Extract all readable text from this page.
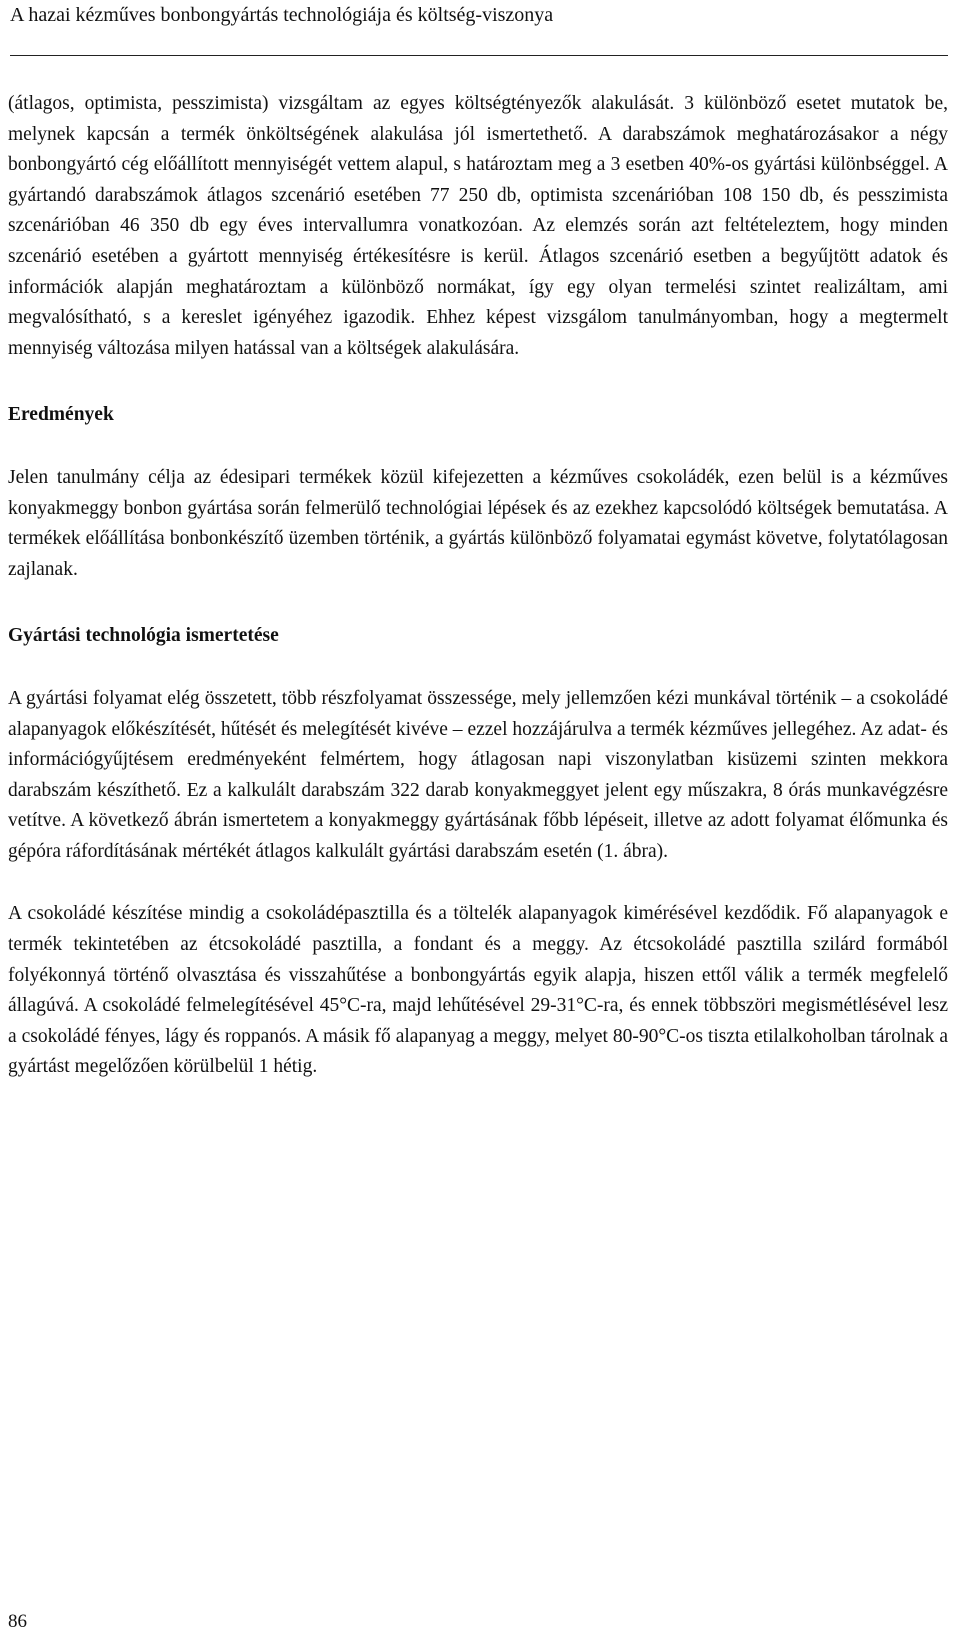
A hazai kézműves bonbongyártás technológiája és költség-viszonya

(átlagos, optimista, pesszimista) vizsgáltam az egyes költségtényezők alakulását. 3 különböző esetet mutatok be, melynek kapcsán a termék önköltségének alakulása jól ismertethető. A darabszámok meghatározásakor a négy bonbongyártó cég előállított mennyiségét vettem alapul, s határoztam meg a 3 esetben 40%-os gyártási különbséggel. A gyártandó darabszámok átlagos szcenárió esetében 77 250 db, optimista szcenárióban 108 150 db, és pesszimista szcenárióban 46 350 db egy éves intervallumra vonatkozóan. Az elemzés során azt feltételeztem, hogy minden szcenárió esetében a gyártott mennyiség értékesítésre is kerül. Átlagos szcenárió esetben a begyűjtött adatok és információk alapján meghatároztam a különböző normákat, így egy olyan termelési szintet realizáltam, ami megvalósítható, s a kereslet igényéhez igazodik. Ehhez képest vizsgálom tanulmányomban, hogy a megtermelt mennyiség változása milyen hatással van a költségek alakulására.

Eredmények

Jelen tanulmány célja az édesipari termékek közül kifejezetten a kézműves csokoládék, ezen belül is a kézműves konyakmeggy bonbon gyártása során felmerülő technológiai lépések és az ezekhez kapcsolódó költségek bemutatása. A termékek előállítása bonbonkészítő üzemben történik, a gyártás különböző folyamatai egymást követve, folytatólagosan zajlanak.

Gyártási technológia ismertetése

A gyártási folyamat elég összetett, több részfolyamat összessége, mely jellemzően kézi munkával történik – a csokoládé alapanyagok előkészítését, hűtését és melegítését kivéve – ezzel hozzájárulva a termék kézműves jellegéhez. Az adat- és információgyűjtésem eredményeként felmértem, hogy átlagosan napi viszonylatban kisüzemi szinten mekkora darabszám készíthető. Ez a kalkulált darabszám 322 darab konyakmeggyet jelent egy műszakra, 8 órás munkavégzésre vetítve. A következő ábrán ismertetem a konyakmeggy gyártásának főbb lépéseit, illetve az adott folyamat élőmunka és gépóra ráfordításának mértékét átlagos kalkulált gyártási darabszám esetén (1. ábra).

A csokoládé készítése mindig a csokoládépasztilla és a töltelék alapanyagok kimérésével kezdődik. Fő alapanyagok e termék tekintetében az étcsokoládé pasztilla, a fondant és a meggy. Az étcsokoládé pasztilla szilárd formából folyékonnyá történő olvasztása és visszahűtése a bonbongyártás egyik alapja, hiszen ettől válik a termék megfelelő állagúvá. A csokoládé felmelegítésével 45°C-ra, majd lehűtésével 29-31°C-ra, és ennek többszöri megismétlésével lesz a csokoládé fényes, lágy és roppanós. A másik fő alapanyag a meggy, melyet 80-90°C-os tiszta etilalkoholban tárolnak a gyártást megelőzően körülbelül 1 hétig.

86
